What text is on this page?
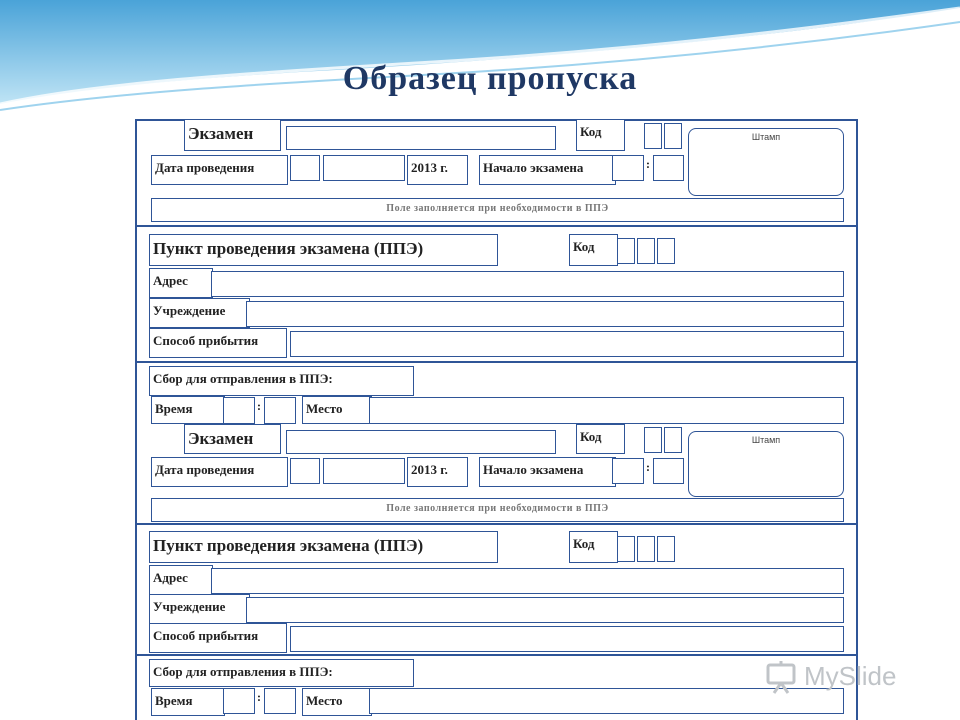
Образец пропуска
Экзамен	Код	Штамп
Дата проведения	2013 г.	Начало экзамена	:
Поле заполняется при необходимости в ППЭ
Пункт проведения экзамена (ППЭ)	Код
Адрес
Учреждение
Способ прибытия
Сбор для отправления в ППЭ:
Время	:	Место
Экзамен	Код	Штамп
Дата проведения	2013 г.	Начало экзамена	:
Поле заполняется при необходимости в ППЭ
Пункт проведения экзамена (ППЭ)	Код
Адрес
Учреждение
Способ прибытия
Сбор для отправления в ППЭ:
Время	:	Место
MySlide
